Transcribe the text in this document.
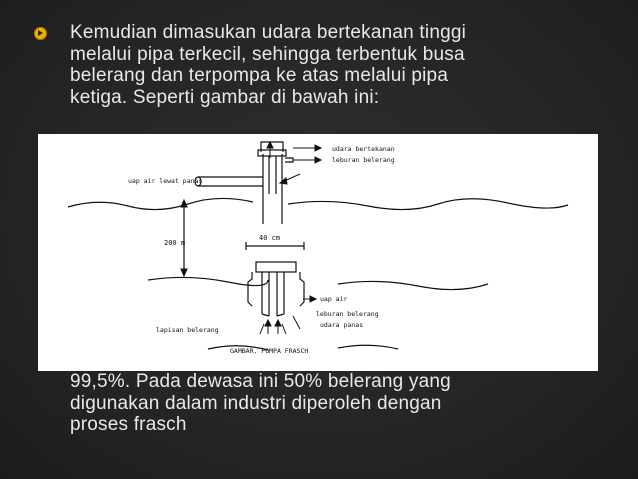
Kemudian dimasukan udara bertekanan tinggi
melalui pipa terkecil, sehingga terbentuk busa
belerang dan terpompa ke atas melalui pipa
ketiga. Seperti gambar di bawah ini:
udara bertekanan
leburan belerang
uap air lewat panas
200 m
40 cm
uap air
leburan belerang
udara panas
lapisan belerang
GAMBAR. POMPA FRASCH
99,5%. Pada dewasa ini 50% belerang yang
digunakan dalam industri diperoleh dengan
proses frasch
